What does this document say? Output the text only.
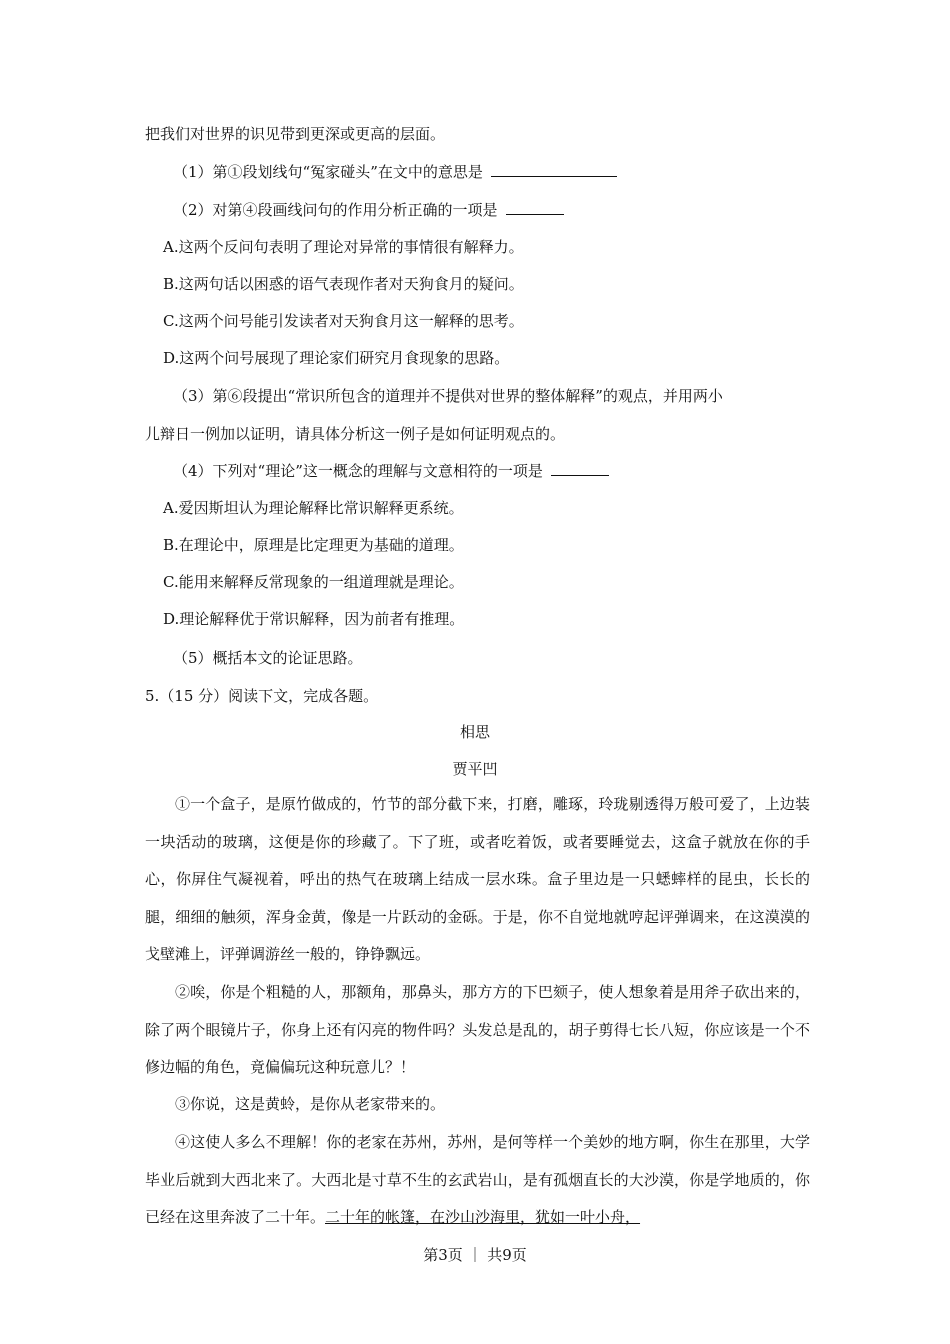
把我们对世界的识见带到更深或更高的层面。
（1）第①段划线句“冤家碰头”在文中的意思是
（2）对第④段画线问句的作用分析正确的一项是
A.这两个反问句表明了理论对异常的事情很有解释力。
B.这两句话以困惑的语气表现作者对天狗食月的疑问。
C.这两个问号能引发读者对天狗食月这一解释的思考。
D.这两个问号展现了理论家们研究月食现象的思路。
（3）第⑥段提出“常识所包含的道理并不提供对世界的整体解释”的观点，并用两小
儿辩日一例加以证明，请具体分析这一例子是如何证明观点的。
（4）下列对“理论”这一概念的理解与文意相符的一项是
A.爱因斯坦认为理论解释比常识解释更系统。
B.在理论中，原理是比定理更为基础的道理。
C.能用来解释反常现象的一组道理就是理论。
D.理论解释优于常识解释，因为前者有推理。
（5）概括本文的论证思路。
5.（15 分）阅读下文，完成各题。
相思
贾平凹
①一个盒子，是原竹做成的，竹节的部分截下来，打磨，雕琢，玲珑剔透得万般可爱了，上边装一块活动的玻璃，这便是你的珍藏了。下了班，或者吃着饭，或者要睡觉去，这盒子就放在你的手心，你屏住气凝视着，呼出的热气在玻璃上结成一层水珠。盒子里边是一只蟋蟀样的昆虫，长长的腿，细细的触须，浑身金黄，像是一片跃动的金砾。于是，你不自觉地就哼起评弹调来，在这漠漠的戈壁滩上，评弹调游丝一般的，铮铮飘远。
②唉，你是个粗糙的人，那额角，那鼻头，那方方的下巴颏子，使人想象着是用斧子砍出来的，除了两个眼镜片子，你身上还有闪亮的物件吗？头发总是乱的，胡子剪得七长八短，你应该是一个不修边幅的角色，竟偏偏玩这种玩意儿？！
③你说，这是黄蛉，是你从老家带来的。
④这使人多么不理解！你的老家在苏州，苏州，是何等样一个美妙的地方啊，你生在那里，大学毕业后就到大西北来了。大西北是寸草不生的玄武岩山，是有孤烟直长的大沙漠，你是学地质的，你已经在这里奔波了二十年。二十年的帐篷，在沙山沙海里，犹如一叶小舟，
第3页 ｜ 共9页
